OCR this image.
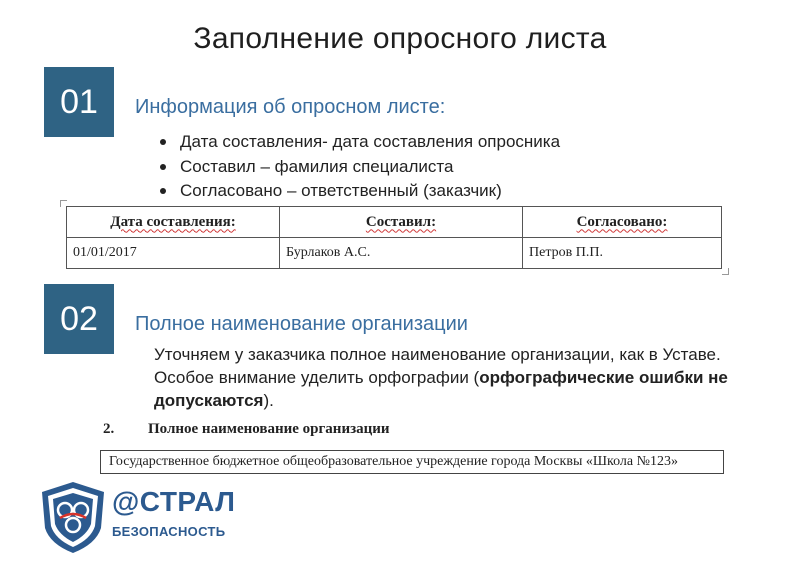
Заполнение опросного листа
01	Информация об опросном листе:
Дата составления- дата составления опросника
Составил – фамилия специалиста
Согласовано – ответственный (заказчик)
Дата составления:	Составил:	Согласовано:
01/01/2017	Бурлаков А.С.	Петров П.П.
02	Полное наименование организации

Уточняем у заказчика полное наименование организации, как в Уставе. Особое внимание уделить орфографии (орфографические ошибки не допускаются).

2. Полное наименование организации
Государственное бюджетное общеобразовательное учреждение города Москвы «Школа №123»
@СТРАЛ
БЕЗОПАСНОСТЬ
